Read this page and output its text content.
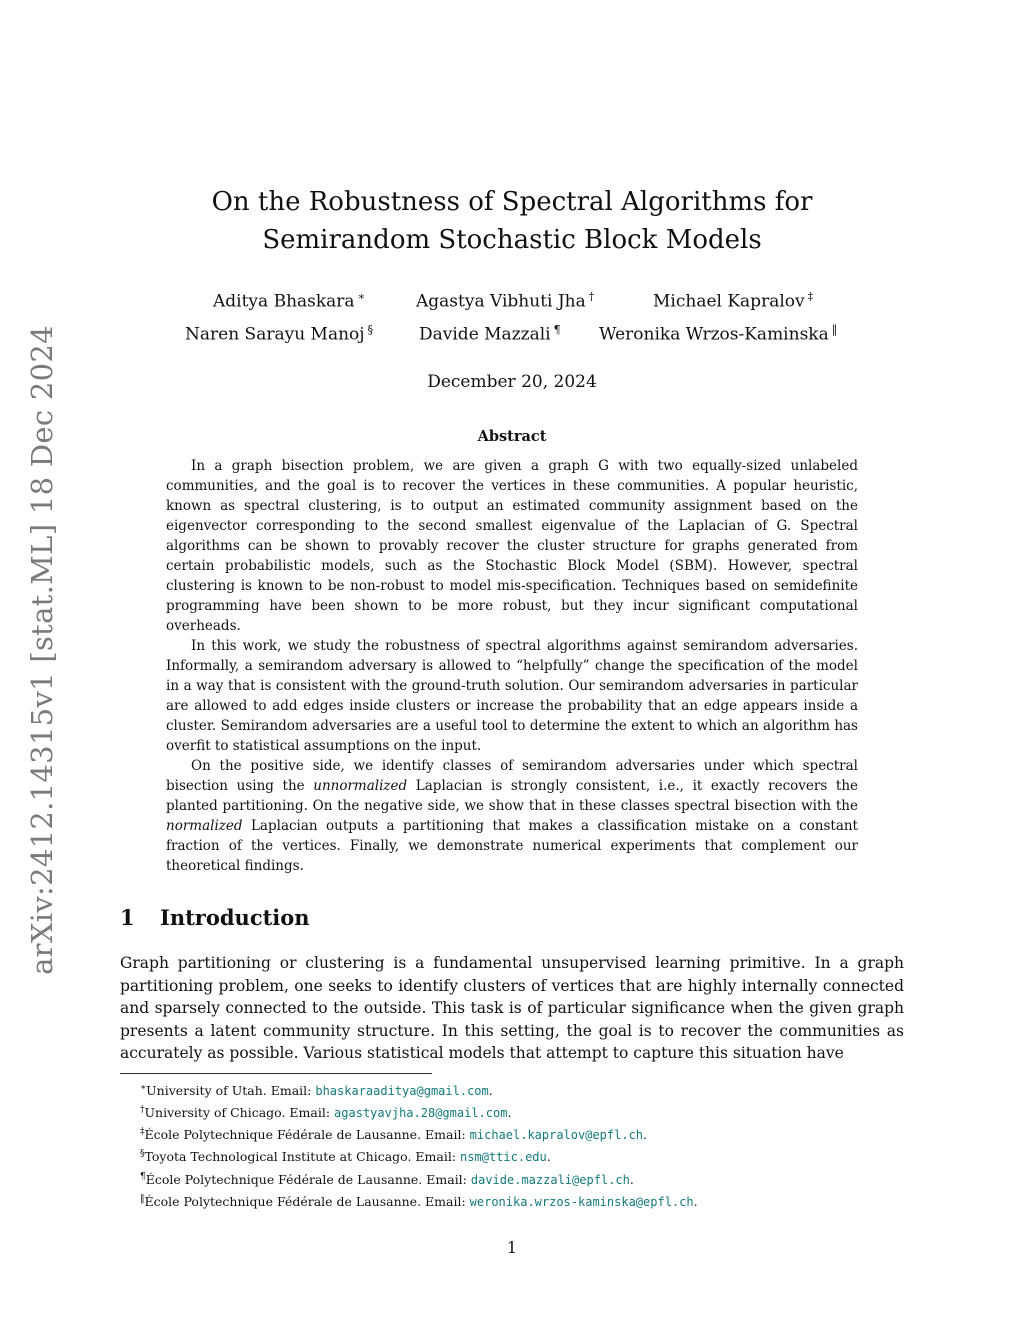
arXiv:2412.14315v1 [stat.ML] 18 Dec 2024
On the Robustness of Spectral Algorithms for Semirandom Stochastic Block Models
Aditya Bhaskara ∗	Agastya Vibhuti Jha †	Michael Kapralov ‡
Naren Sarayu Manoj §	Davide Mazzali ¶ Weronika Wrzos-Kaminska ‖
December 20, 2024
Abstract

In a graph bisection problem, we are given a graph G with two equally-sized unlabeled communities, and the goal is to recover the vertices in these communities. A popular heuristic, known as spectral clustering, is to output an estimated community assignment based on the eigenvector corresponding to the second smallest eigenvalue of the Laplacian of G. Spectral algorithms can be shown to provably recover the cluster structure for graphs generated from certain probabilistic models, such as the Stochastic Block Model (SBM). However, spectral clustering is known to be non-robust to model mis-specification. Techniques based on semidefinite programming have been shown to be more robust, but they incur significant computational overheads.

In this work, we study the robustness of spectral algorithms against semirandom adversaries. Informally, a semirandom adversary is allowed to “helpfully” change the specification of the model in a way that is consistent with the ground-truth solution. Our semirandom adversaries in particular are allowed to add edges inside clusters or increase the probability that an edge appears inside a cluster. Semirandom adversaries are a useful tool to determine the extent to which an algorithm has overfit to statistical assumptions on the input.

On the positive side, we identify classes of semirandom adversaries under which spectral bisection using the unnormalized Laplacian is strongly consistent, i.e., it exactly recovers the planted partitioning. On the negative side, we show that in these classes spectral bisection with the normalized Laplacian outputs a partitioning that makes a classification mistake on a constant fraction of the vertices. Finally, we demonstrate numerical experiments that complement our theoretical findings.

1 Introduction

Graph partitioning or clustering is a fundamental unsupervised learning primitive. In a graph partitioning problem, one seeks to identify clusters of vertices that are highly internally connected and sparsely connected to the outside. This task is of particular significance when the given graph presents a latent community structure. In this setting, the goal is to recover the communities as accurately as possible. Various statistical models that attempt to capture this situation have

∗University of Utah. Email: bhaskaraaditya@gmail.com.
†University of Chicago. Email: agastyavjha.28@gmail.com.
‡École Polytechnique Fédérale de Lausanne. Email: michael.kapralov@epfl.ch.
§Toyota Technological Institute at Chicago. Email: nsm@ttic.edu.
¶École Polytechnique Fédérale de Lausanne. Email: davide.mazzali@epfl.ch.
‖École Polytechnique Fédérale de Lausanne. Email: weronika.wrzos-kaminska@epfl.ch.
1
